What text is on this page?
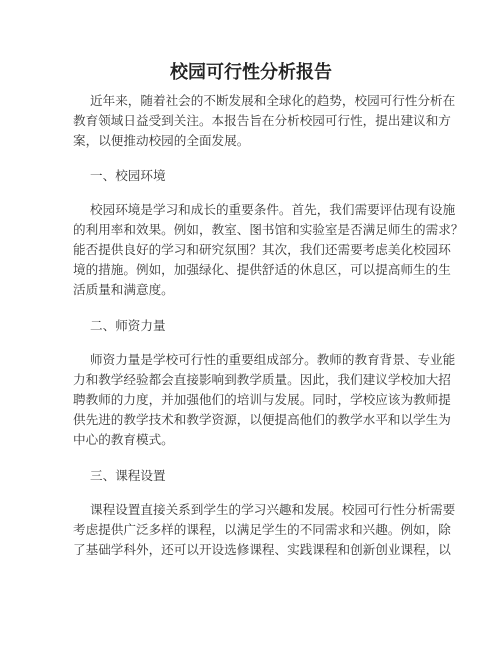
校园可行性分析报告
近年来，随着社会的不断发展和全球化的趋势，校园可行性分析在
教育领域日益受到关注。本报告旨在分析校园可行性，提出建议和方
案，以便推动校园的全面发展。
一、校园环境
校园环境是学习和成长的重要条件。首先，我们需要评估现有设施
的利用率和效果。例如，教室、图书馆和实验室是否满足师生的需求？
能否提供良好的学习和研究氛围？其次，我们还需要考虑美化校园环
境的措施。例如，加强绿化、提供舒适的休息区，可以提高师生的生
活质量和满意度。
二、师资力量
师资力量是学校可行性的重要组成部分。教师的教育背景、专业能
力和教学经验都会直接影响到教学质量。因此，我们建议学校加大招
聘教师的力度，并加强他们的培训与发展。同时，学校应该为教师提
供先进的教学技术和教学资源，以便提高他们的教学水平和以学生为
中心的教育模式。
三、课程设置
课程设置直接关系到学生的学习兴趣和发展。校园可行性分析需要
考虑提供广泛多样的课程，以满足学生的不同需求和兴趣。例如，除
了基础学科外，还可以开设选修课程、实践课程和创新创业课程，以
